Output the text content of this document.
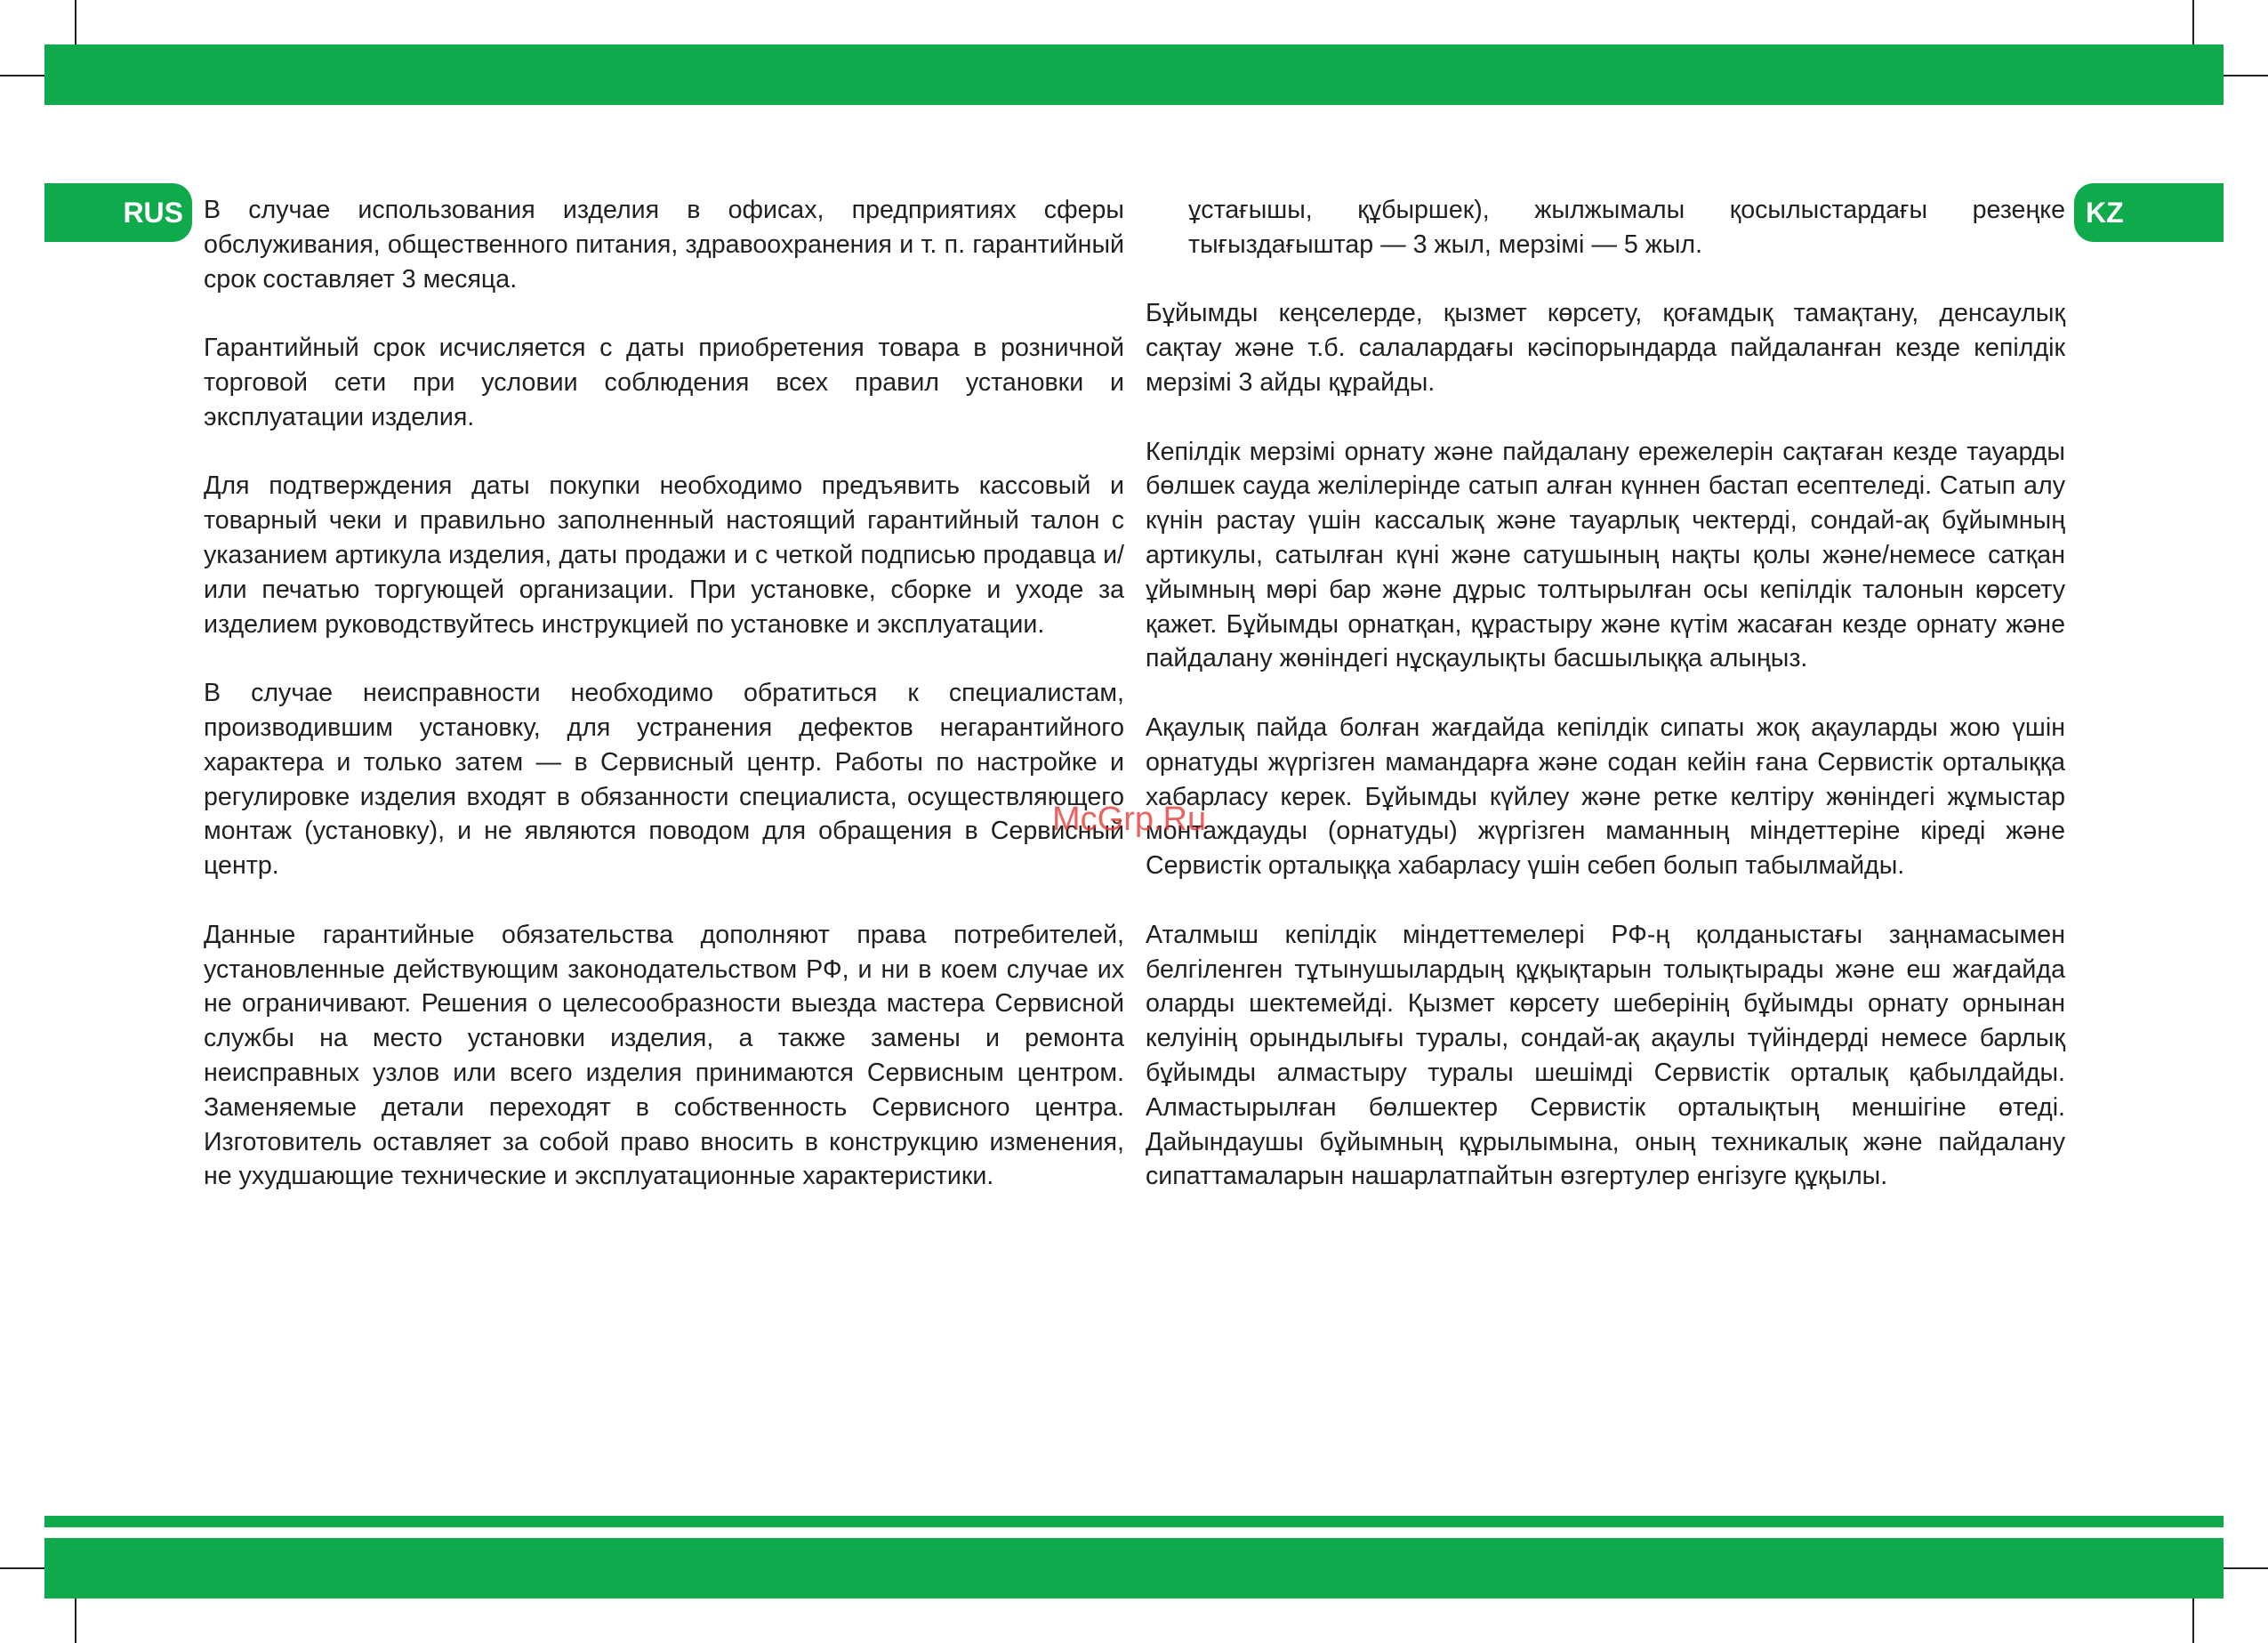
RUS	KZ

В случае использования изделия в офисах, предприятиях сферы обслуживания, общественного питания, здравоохранения и т. п. гарантийный срок составляет 3 месяца.

Гарантийный срок исчисляется с даты приобретения товара в розничной торговой сети при условии соблюдения всех правил установки и эксплуатации изделия.

Для подтверждения даты покупки необходимо предъявить кассовый и товарный чеки и правильно заполненный настоящий гарантийный талон с указанием артикула изделия, даты продажи и с четкой подписью продавца и/или печатью торгующей организации. При установке, сборке и уходе за изделием руководствуйтесь инструкцией по установке и эксплуатации.

В случае неисправности необходимо обратиться к специалистам, производившим установку, для устранения дефектов негарантийного характера и только затем — в Сервисный центр. Работы по настройке и регулировке изделия входят в обязанности специалиста, осуществляющего монтаж (установку), и не являются поводом для обращения в Сервисный центр.

Данные гарантийные обязательства дополняют права потребителей, установленные действующим законодательством РФ, и ни в коем случае их не ограничивают. Решения о целесообразности выезда мастера Сервисной службы на место установки изделия, а также замены и ремонта неисправных узлов или всего изделия принимаются Сервисным центром. Заменяемые детали переходят в собственность Сервисного центра. Изготовитель оставляет за собой право вносить в конструкцию изменения, не ухудшающие технические и эксплуатационные характеристики.

ұстағышы, құбыршек), жылжымалы қосылыстардағы резеңке тығыздағыштар — 3 жыл, мерзімі — 5 жыл.

Бұйымды кеңселерде, қызмет көрсету, қоғамдық тамақтану, денсаулық сақтау және т.б. салалардағы кәсіпорындарда пайдаланған кезде кепілдік мерзімі 3 айды құрайды.

Кепілдік мерзімі орнату және пайдалану ережелерін сақтаған кезде тауарды бөлшек сауда желілерінде сатып алған күннен бастап есептеледі. Сатып алу күнін растау үшін кассалық және тауарлық чектерді, сондай-ақ бұйымның артикулы, сатылған күні және сатушының нақты қолы және/немесе сатқан ұйымның мөрі бар және дұрыс толтырылған осы кепілдік талонын көрсету қажет. Бұйымды орнатқан, құрастыру және күтім жасаған кезде орнату және пайдалану жөніндегі нұсқаулықты басшылыққа алыңыз.

Ақаулық пайда болған жағдайда кепілдік сипаты жоқ ақауларды жою үшін орнатуды жүргізген мамандарға және содан кейін ғана Сервистік орталыққа хабарласу керек. Бұйымды күйлеу және ретке келтіру жөніндегі жұмыстар монтаждауды (орнатуды) жүргізген маманның міндеттеріне кіреді және Сервистік орталыққа хабарласу үшін себеп болып табылмайды.

Аталмыш кепілдік міндеттемелері РФ-ң қолданыстағы заңнамасымен белгіленген тұтынушылардың құқықтарын толықтырады және еш жағдайда оларды шектемейді. Қызмет көрсету шеберінің бұйымды орнату орнынан келуінің орындылығы туралы, сондай-ақ ақаулы түйіндерді немесе барлық бұйымды алмастыру туралы шешімді Сервистік орталық қабылдайды. Алмастырылған бөлшектер Сервистік орталықтың меншігіне өтеді. Дайындаушы бұйымның құрылымына, оның техникалық және пайдалану сипаттамаларын нашарлатпайтын өзгертулер енгізуге құқылы.

McGrp.Ru
